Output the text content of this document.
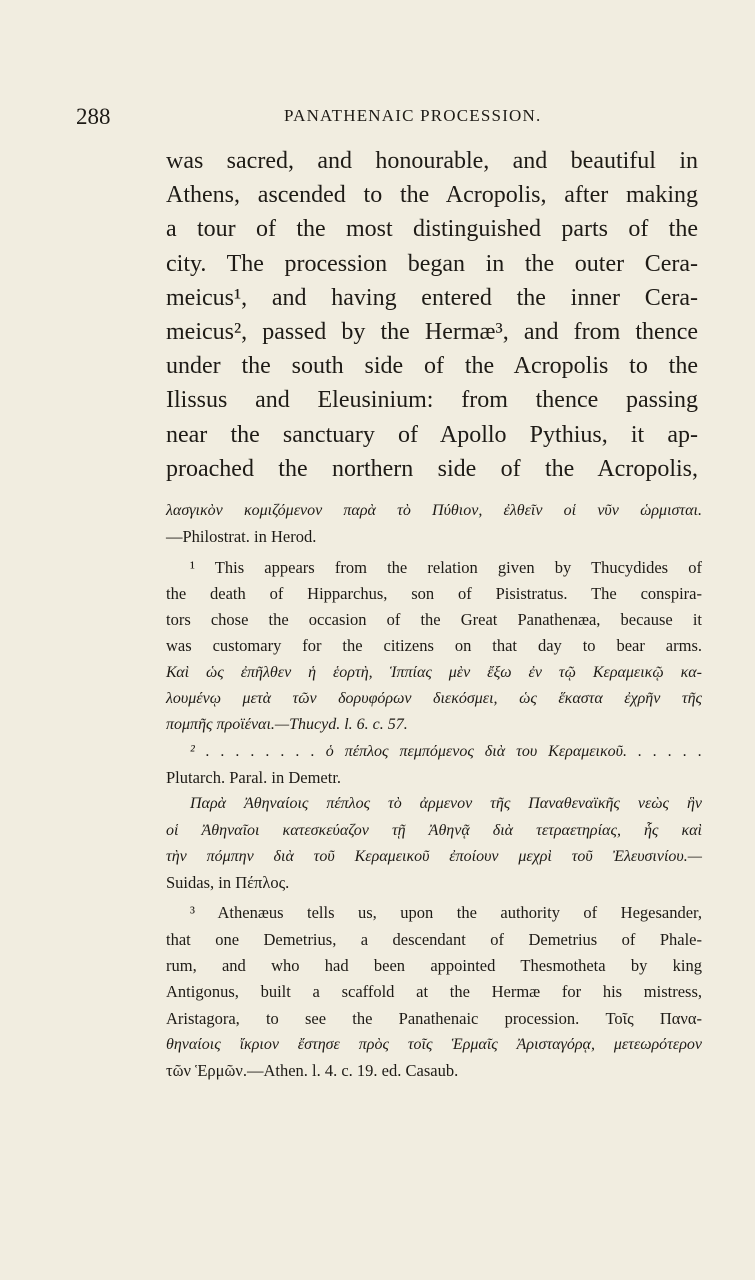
288	PANATHENAIC PROCESSION.
was sacred, and honourable, and beautiful in
Athens, ascended to the Acropolis, after making
a tour of the most distinguished parts of the
city. The procession began in the outer Cera-
meicus¹, and having entered the inner Cera-
meicus², passed by the Hermæ³, and from thence
under the south side of the Acropolis to the
Ilissus and Eleusinium: from thence passing
near the sanctuary of Apollo Pythius, it ap-
proached the northern side of the Acropolis,
λασγικὸν κομιζόμενον παρὰ τὸ Πύθιον, ἐλθεῖν οἱ νῦν ὡρμισται.
—Philostrat. in Herod.
¹ This appears from the relation given by Thucydides of
the death of Hipparchus, son of Pisistratus. The conspira-
tors chose the occasion of the Great Panathenæa, because it
was customary for the citizens on that day to bear arms.
Καὶ ὡς ἐπῆλθεν ἡ ἑορτὴ, Ἱππίας μὲν ἔξω ἐν τῷ Κεραμεικῷ κα-
λουμένῳ μετὰ τῶν δορυφόρων διεκόσμει, ὡς ἕκαστα ἐχρῆν τῆς
πομπῆς προϊέναι.—Thucyd. l. 6. c. 57.
² . . . . . . . . ὁ πέπλος πεμπόμενος διὰ του Κεραμεικοῦ. . . . . .
Plutarch. Paral. in Demetr.
Παρὰ Ἀθηναίοις πέπλος τὸ ἀρμενον τῆς Παναθεναϊκῆς νεὼς ἣν
οἱ Ἀθηναῖοι κατεσκεύαζον τῇ Ἀθηνᾷ διὰ τετραετηρίας, ἧς καὶ
τὴν πόμπην διὰ τοῦ Κεραμεικοῦ ἐποίουν μεχρὶ τοῦ Ἐλευσινίου.—
Suidas, in Πέπλος.
³ Athenæus tells us, upon the authority of Hegesander,
that one Demetrius, a descendant of Demetrius of Phale-
rum, and who had been appointed Thesmotheta by king
Antigonus, built a scaffold at the Hermæ for his mistress,
Aristagora, to see the Panathenaic procession. Τοῖς Πανα-
θηναίοις ἴκριον ἔστησε πρὸς τοῖς Ἑρμαῖς Ἀρισταγόρᾳ, μετεωρότερον
τῶν Ἑρμῶν.—Athen. l. 4. c. 19. ed. Casaub.
